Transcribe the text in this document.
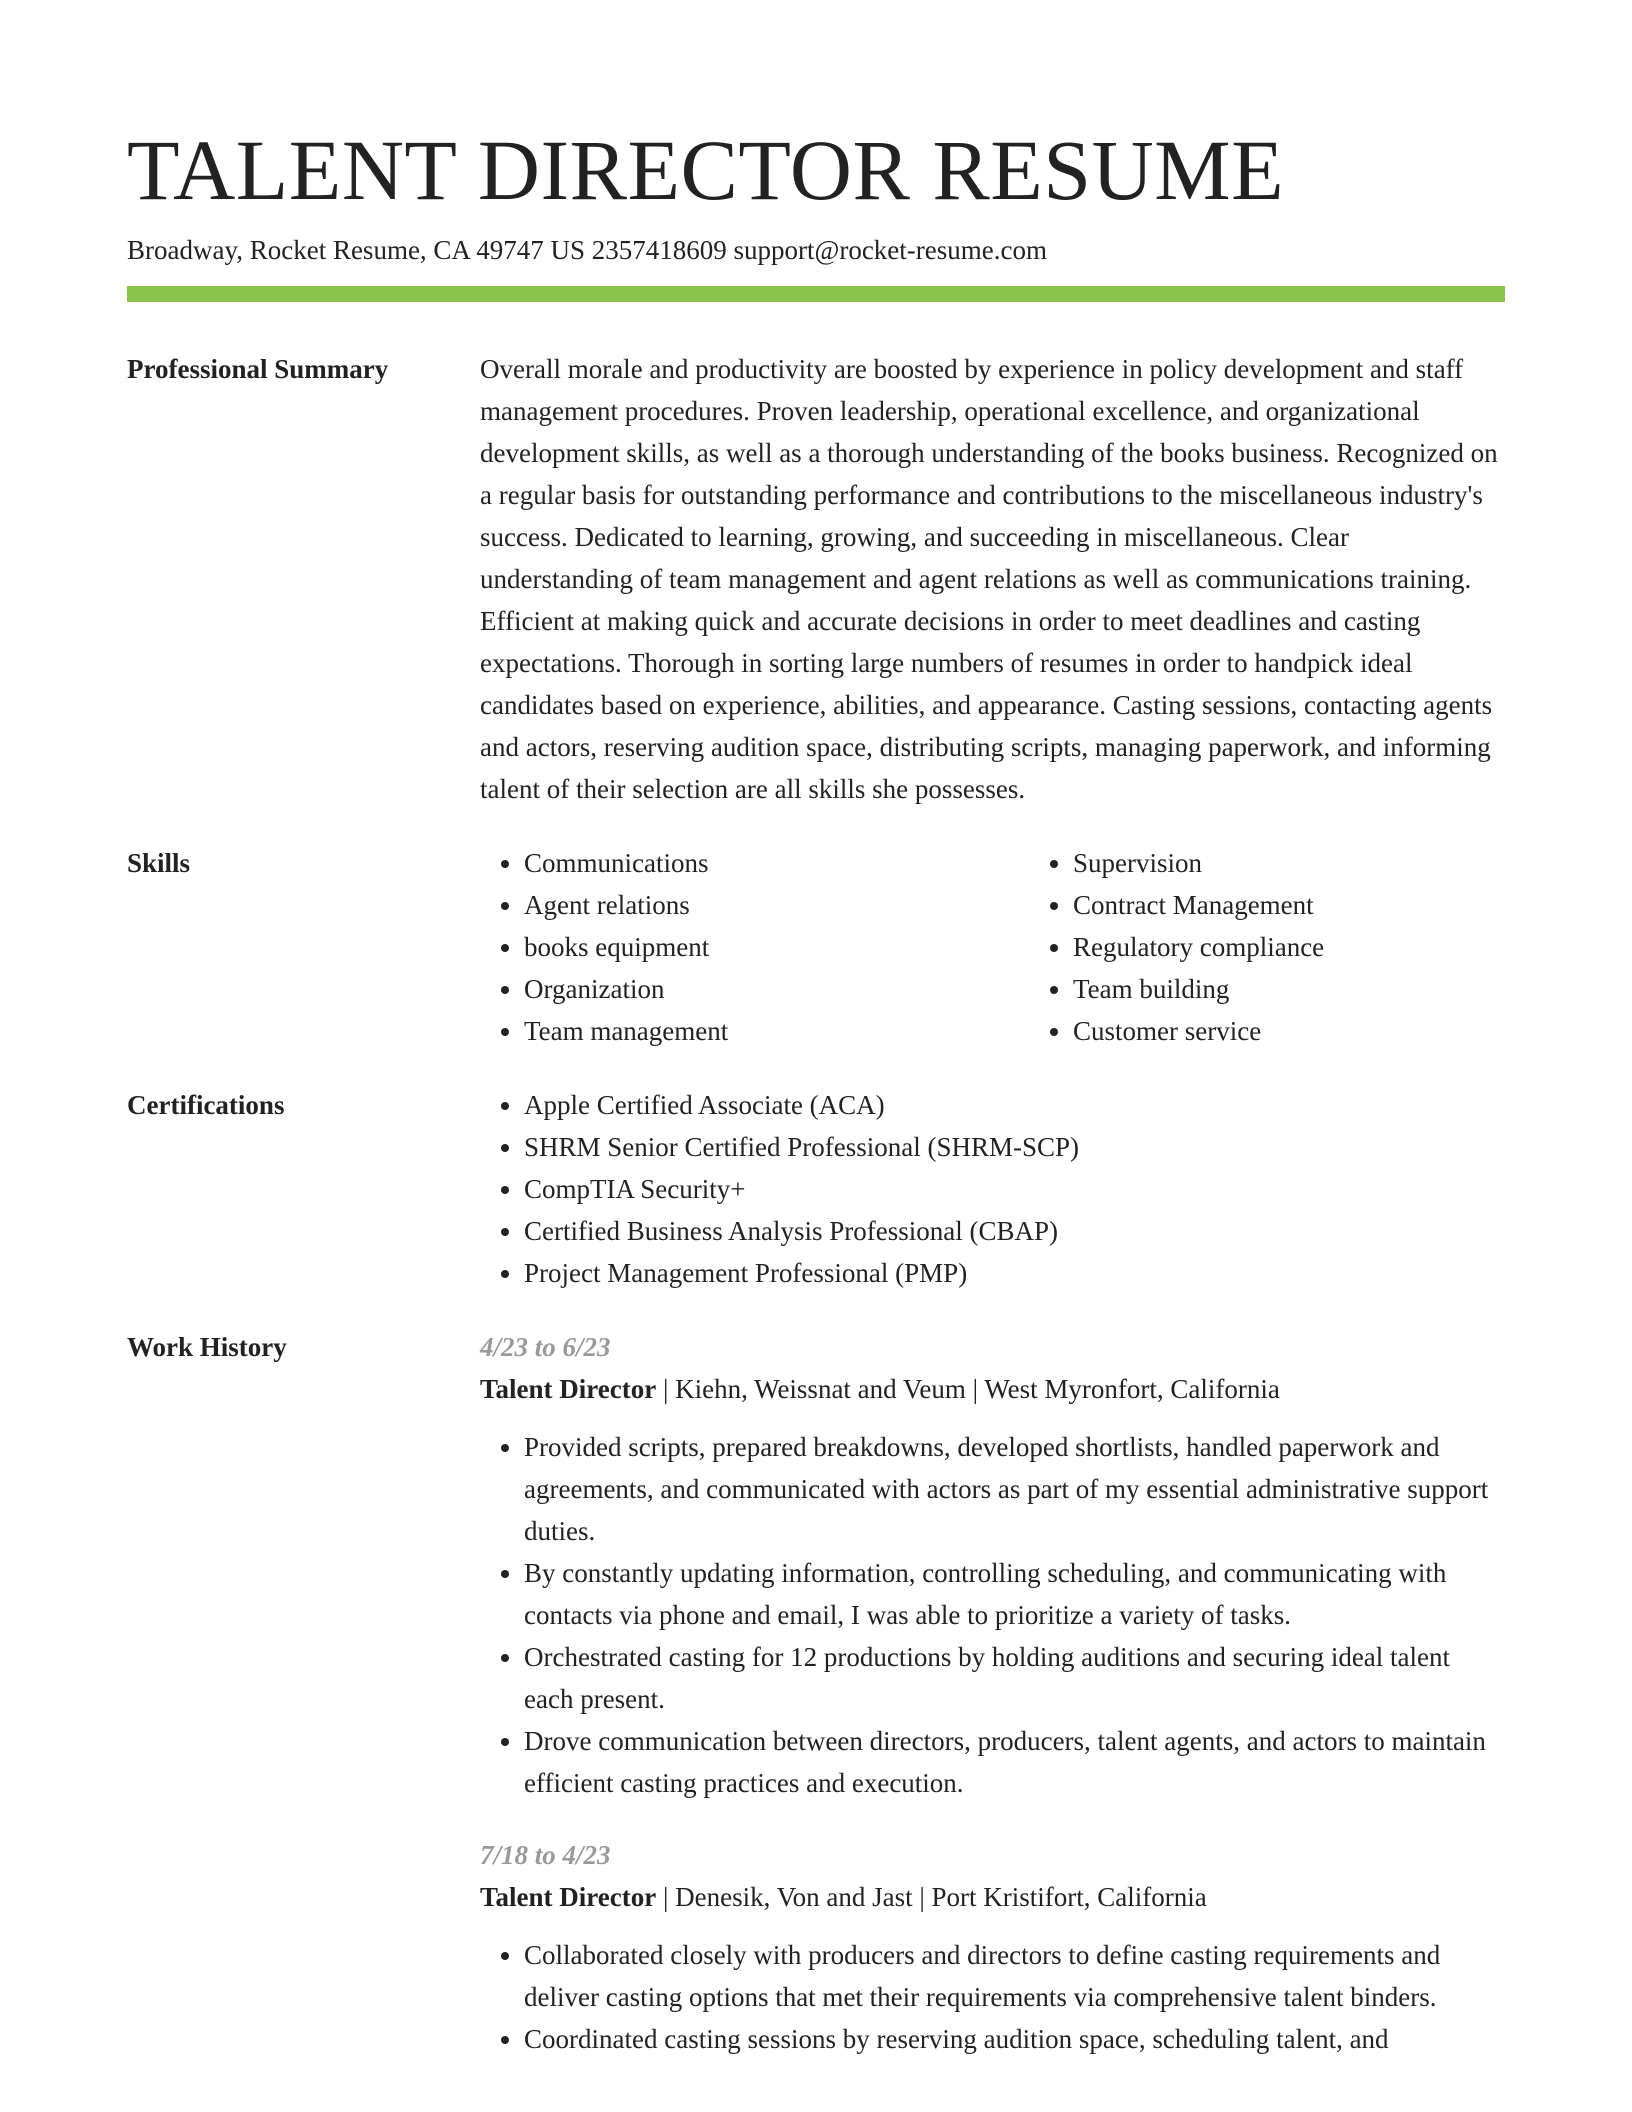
TALENT DIRECTOR RESUME
Broadway, Rocket Resume, CA 49747 US 2357418609 support@rocket-resume.com
Professional Summary	Overall morale and productivity are boosted by experience in policy development and staff management procedures. Proven leadership, operational excellence, and organizational development skills, as well as a thorough understanding of the books business. Recognized on a regular basis for outstanding performance and contributions to the miscellaneous industry's success. Dedicated to learning, growing, and succeeding in miscellaneous. Clear understanding of team management and agent relations as well as communications training. Efficient at making quick and accurate decisions in order to meet deadlines and casting expectations. Thorough in sorting large numbers of resumes in order to handpick ideal candidates based on experience, abilities, and appearance. Casting sessions, contacting agents and actors, reserving audition space, distributing scripts, managing paperwork, and informing talent of their selection are all skills she possesses.

Skills	• Communications
• Agent relations
• books equipment
• Organization
• Team management
• Supervision
• Contract Management
• Regulatory compliance
• Team building
• Customer service
Certifications	• Apple Certified Associate (ACA)
• SHRM Senior Certified Professional (SHRM-SCP)
• CompTIA Security+
• Certified Business Analysis Professional (CBAP)
• Project Management Professional (PMP)
Work History	4/23 to 6/23
Talent Director | Kiehn, Weissnat and Veum | West Myronfort, California
• Provided scripts, prepared breakdowns, developed shortlists, handled paperwork and agreements, and communicated with actors as part of my essential administrative support duties.
• By constantly updating information, controlling scheduling, and communicating with contacts via phone and email, I was able to prioritize a variety of tasks.
• Orchestrated casting for 12 productions by holding auditions and securing ideal talent each present.
• Drove communication between directors, producers, talent agents, and actors to maintain efficient casting practices and execution.
7/18 to 4/23
Talent Director | Denesik, Von and Jast | Port Kristifort, California
• Collaborated closely with producers and directors to define casting requirements and deliver casting options that met their requirements via comprehensive talent binders.
• Coordinated casting sessions by reserving audition space, scheduling talent, and
